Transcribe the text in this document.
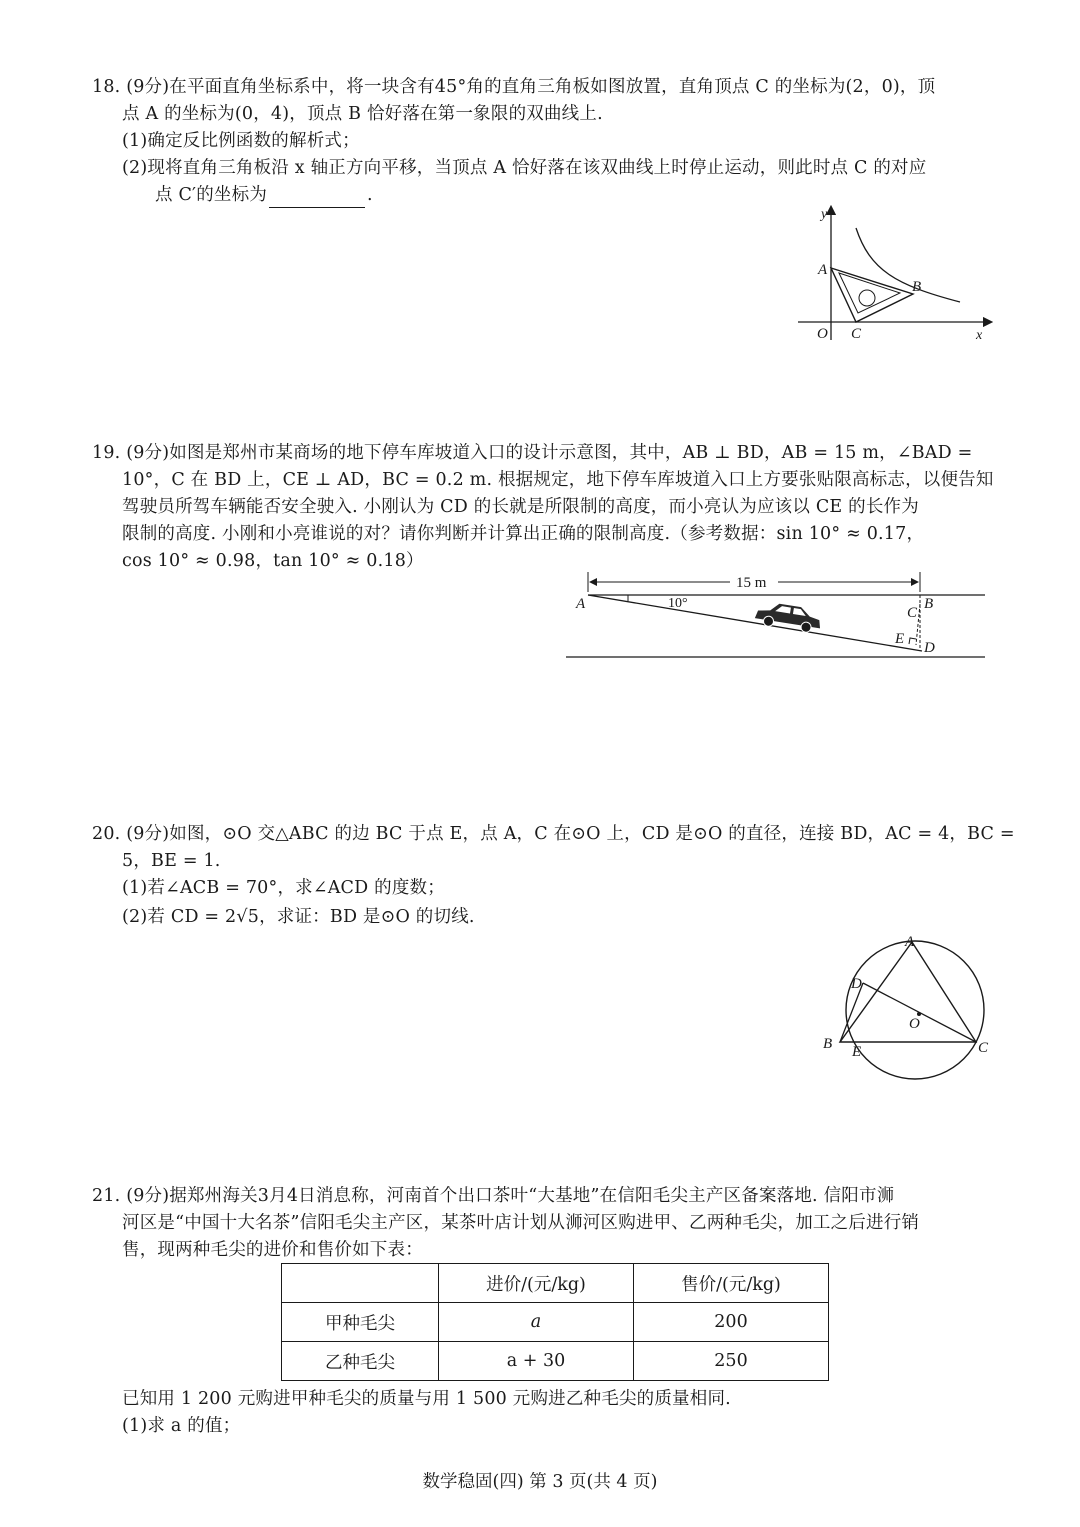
18. (9分)在平面直角坐标系中，将一块含有45°角的直角三角板如图放置，直角顶点 C 的坐标为(2，0)，顶
点 A 的坐标为(0，4)，顶点 B 恰好落在第一象限的双曲线上.
(1)确定反比例函数的解析式；
(2)现将直角三角板沿 x 轴正方向平移，当顶点 A 恰好落在该双曲线上时停止运动，则此时点 C 的对应
点 C′的坐标为	.
y
A
B
O C	x
19. (9分)如图是郑州市某商场的地下停车库坡道入口的设计示意图，其中，AB ⊥ BD，AB = 15 m，∠BAD =
10°，C 在 BD 上，CE ⊥ AD，BC = 0.2 m. 根据规定，地下停车库坡道入口上方要张贴限高标志，以便告知
驾驶员所驾车辆能否安全驶入. 小刚认为 CD 的长就是所限制的高度，而小亮认为应该以 CE 的长作为
限制的高度. 小刚和小亮谁说的对？请你判断并计算出正确的限制高度.（参考数据：sin 10° ≈ 0.17，
cos 10° ≈ 0.98，tan 10° ≈ 0.18）
15 m
10°
A	B
C
E
D
20. (9分)如图，⊙O 交△ABC 的边 BC 于点 E，点 A，C 在⊙O 上，CD 是⊙O 的直径，连接 BD，AC = 4，BC =
5，BE = 1.
(1)若∠ACB = 70°，求∠ACD 的度数；
(2)若 CD = 2√5，求证：BD 是⊙O 的切线.
A
D
O
B E	C
21. (9分)据郑州海关3月4日消息称，河南首个出口茶叶“大基地”在信阳毛尖主产区备案落地. 信阳市浉
河区是“中国十大名茶”信阳毛尖主产区，某茶叶店计划从浉河区购进甲、乙两种毛尖，加工之后进行销
售，现两种毛尖的进价和售价如下表：
	进价/(元/kg)	售价/(元/kg)
甲种毛尖	a	200
乙种毛尖	a + 30	250
已知用 1 200 元购进甲种毛尖的质量与用 1 500 元购进乙种毛尖的质量相同.
(1)求 a 的值；
数学稳固(四) 第 3 页(共 4 页)
